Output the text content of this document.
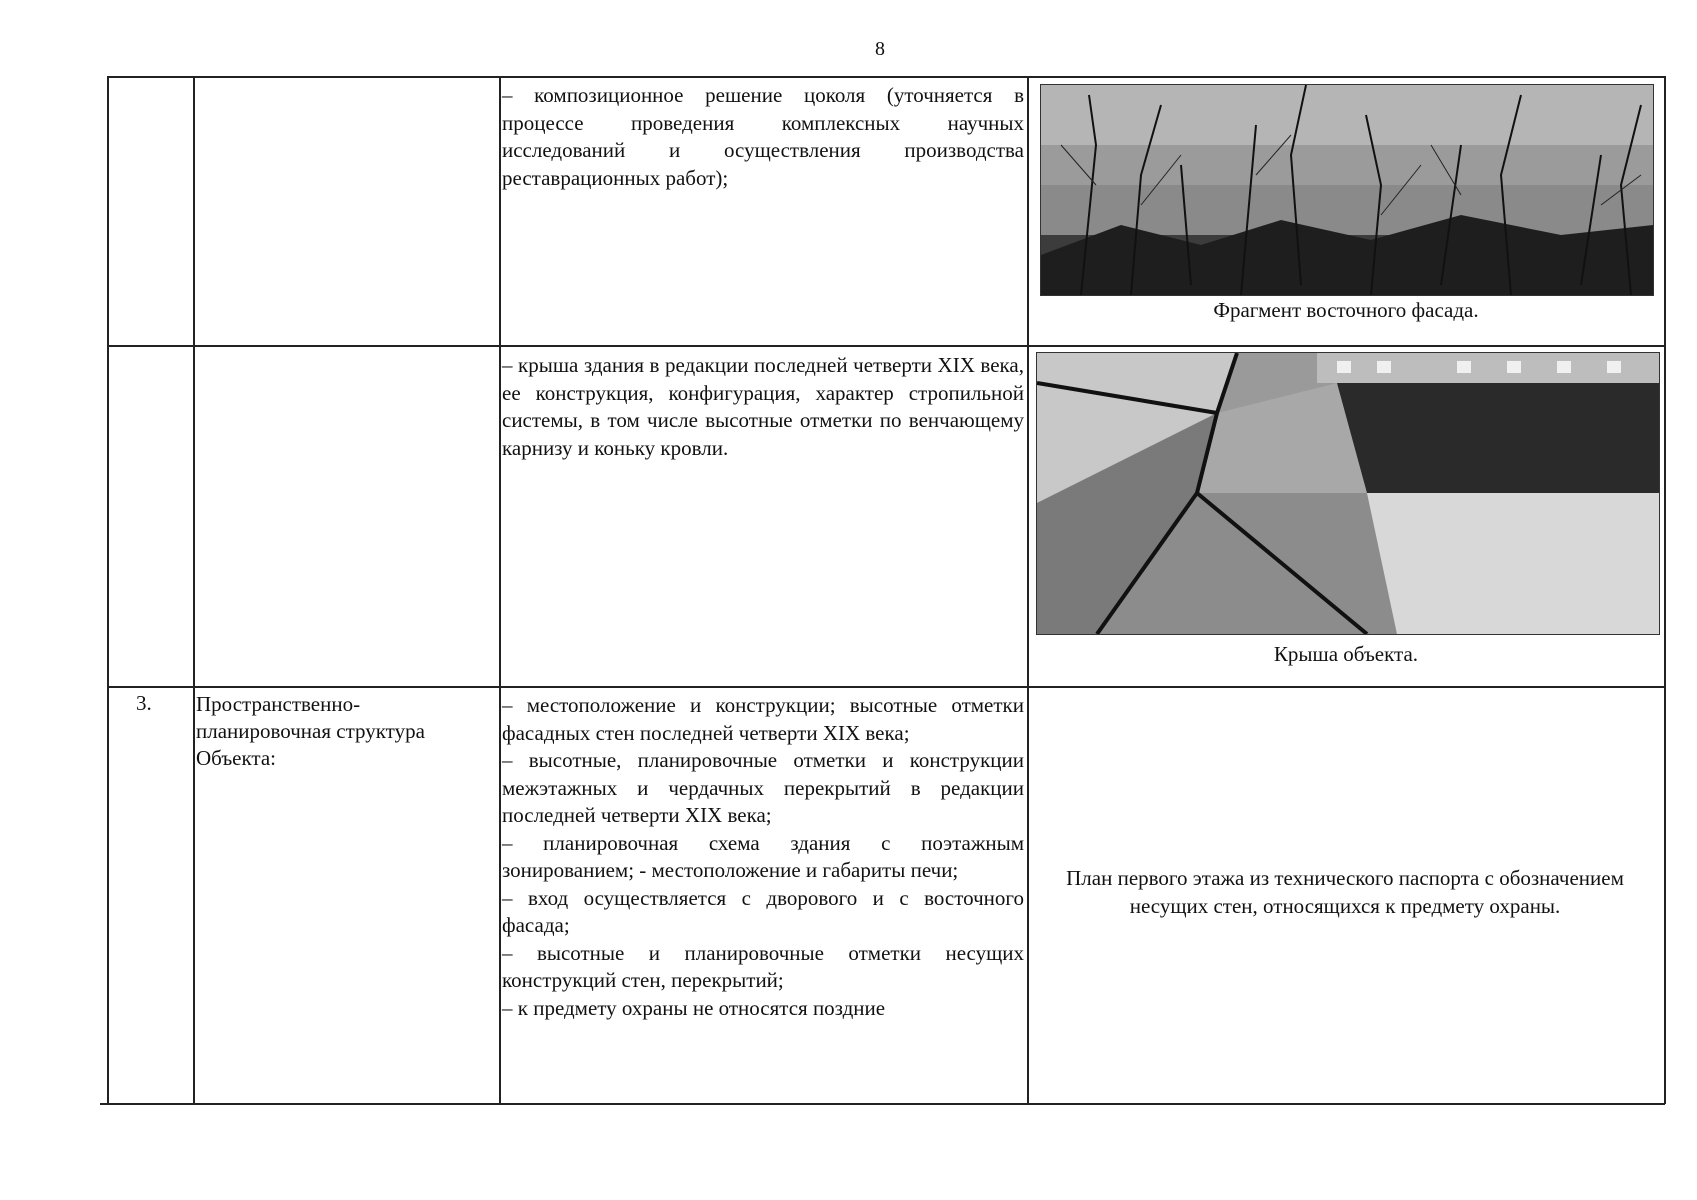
8

– композиционное решение цоколя (уточняется в процессе проведения комплексных научных исследований и осуществления производства реставрационных работ);

Фрагмент восточного фасада.

– крыша здания в редакции последней четверти XIX века, ее конструкция, конфигурация, характер стропильной системы, в том числе высотные отметки по венчающему карнизу и коньку кровли.

Крыша объекта.
3. Пространственно-планировочная структура Объекта:

– местоположение и конструкции; высотные отметки фасадных стен последней четверти XIX века;

– высотные, планировочные отметки и конструкции межэтажных и чердачных перекрытий в редакции последней четверти XIX века;

– планировочная схема здания с поэтажным зонированием; - местоположение и габариты печи;

– вход осуществляется с дворового и с восточного фасада;

– высотные и планировочные отметки несущих конструкций стен, перекрытий;

– к предмету охраны не относятся поздние

План первого этажа из технического паспорта с обозначением несущих стен, относящихся к предмету охраны.
